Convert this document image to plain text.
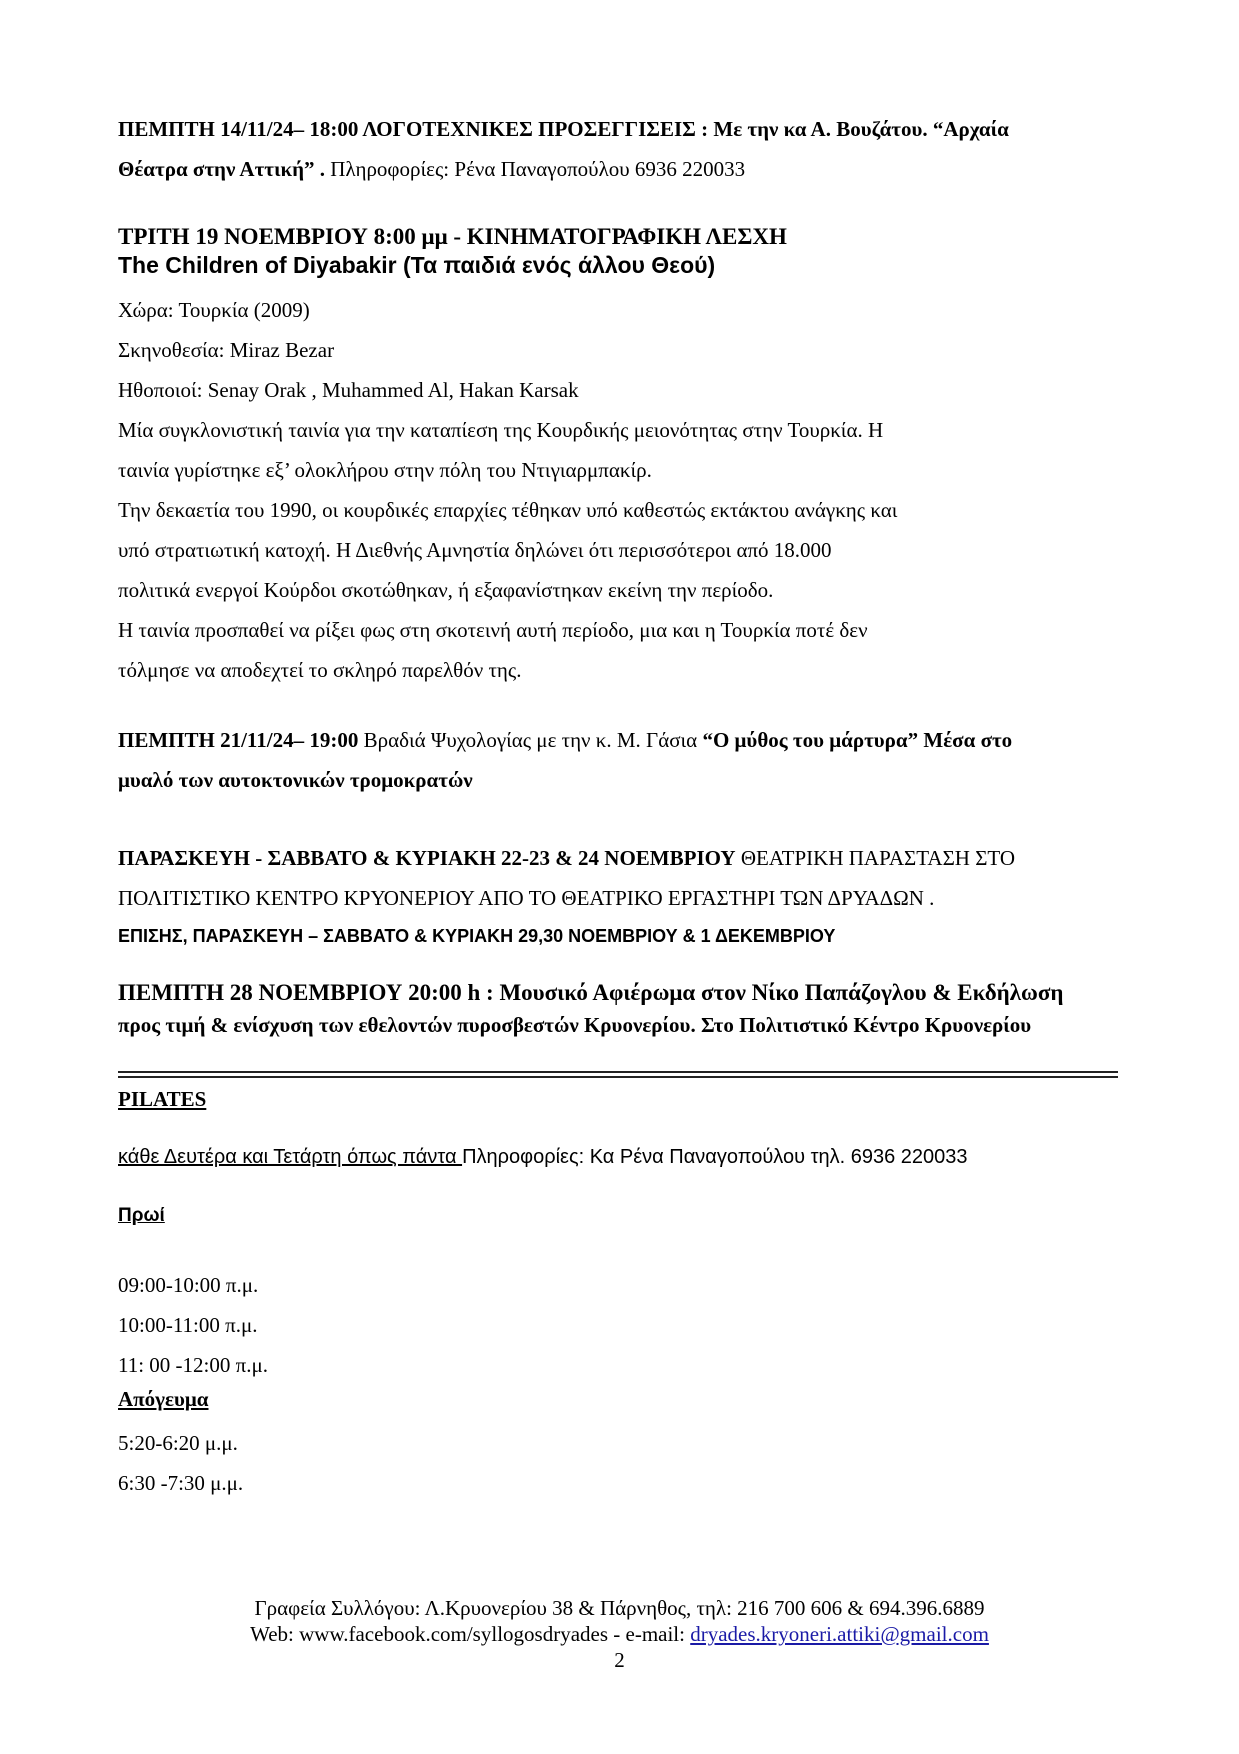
ΠΕΜΠΤΗ 14/11/24– 18:00 ΛΟΓΟΤΕΧΝΙΚΕΣ ΠΡΟΣΕΓΓΙΣΕΙΣ : Με την κα Α. Βουζάτου. “Αρχαία
Θέατρα στην Αττική” . Πληροφορίες: Ρένα Παναγοπούλου 6936 220033
ΤΡΙΤΗ 19 ΝΟΕΜΒΡΙΟΥ 8:00 μμ - ΚΙΝΗΜΑΤΟΓΡΑΦΙΚΗ ΛΕΣΧΗ
The Children of Diyabakir (Τα παιδιά ενός άλλου Θεού)
Χώρα: Τουρκία (2009)
Σκηνοθεσία: Miraz Bezar
Ηθοποιοί: Senay Orak , Muhammed Al, Hakan Karsak
Μία συγκλονιστική ταινία για την καταπίεση της Κουρδικής μειονότητας στην Τουρκία. Η
ταινία γυρίστηκε εξ’ ολοκλήρου στην πόλη του Ντιγιαρμπακίρ.
Την δεκαετία του 1990, οι κουρδικές επαρχίες τέθηκαν υπό καθεστώς εκτάκτου ανάγκης και
υπό στρατιωτική κατοχή. Η Διεθνής Αμνηστία δηλώνει ότι περισσότεροι από 18.000
πολιτικά ενεργοί Κούρδοι σκοτώθηκαν, ή εξαφανίστηκαν εκείνη την περίοδο.
Η ταινία προσπαθεί να ρίξει φως στη σκοτεινή αυτή περίοδο, μια και η Τουρκία ποτέ δεν
τόλμησε να αποδεχτεί το σκληρό παρελθόν της.
ΠΕΜΠΤΗ 21/11/24– 19:00 Βραδιά Ψυχολογίας με την κ. Μ. Γάσια “Ο μύθος του μάρτυρα” Μέσα στο
μυαλό των αυτοκτονικών τρομοκρατών
ΠΑΡΑΣΚΕΥΗ - ΣΑΒΒΑΤΟ & ΚΥΡΙΑΚΗ 22-23 & 24 ΝΟΕΜΒΡΙΟΥ ΘΕΑΤΡΙΚΗ ΠΑΡΑΣΤΑΣΗ ΣΤΟ
ΠΟΛΙΤΙΣΤΙΚΟ ΚΕΝΤΡΟ ΚΡΥΟΝΕΡΙΟΥ ΑΠΟ ΤΟ ΘΕΑΤΡΙΚΟ ΕΡΓΑΣΤΗΡΙ ΤΩΝ ΔΡΥΑΔΩΝ .
ΕΠΙΣΗΣ, ΠΑΡΑΣΚΕΥΗ – ΣΑΒΒΑΤΟ & ΚΥΡΙΑΚΗ 29,30 ΝΟΕΜΒΡΙΟΥ & 1 ΔΕΚΕΜΒΡΙΟΥ
ΠΕΜΠΤΗ 28 ΝΟΕΜΒΡΙΟΥ 20:00 h : Μουσικό Αφιέρωμα στον Νίκο Παπάζογλου & Εκδήλωση
προς τιμή & ενίσχυση των εθελοντών πυροσβεστών Κρυονερίου. Στο Πολιτιστικό Κέντρο Κρυονερίου
PILATES
κάθε Δευτέρα και Τετάρτη όπως πάντα Πληροφορίες: Κα Ρένα Παναγοπούλου τηλ. 6936 220033
Πρωί
09:00-10:00 π.μ.
10:00-11:00 π.μ.
11: 00 -12:00 π.μ.
Απόγευμα
5:20-6:20 μ.μ.
6:30 -7:30 μ.μ.
Γραφεία Συλλόγου: Λ.Κρυονερίου 38 & Πάρνηθος, τηλ: 216 700 606 & 694.396.6889
Web: www.facebook.com/syllogosdryades - e-mail: dryades.kryoneri.attiki@gmail.com
2
